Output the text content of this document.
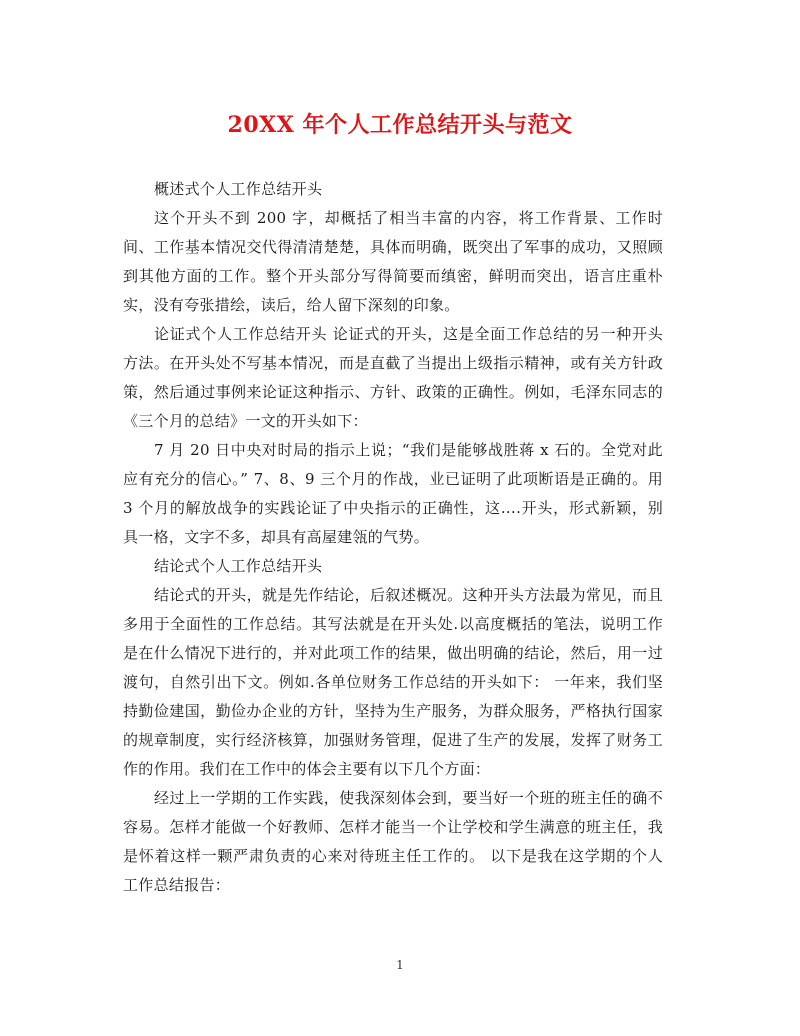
20XX 年个人工作总结开头与范文

概述式个人工作总结开头

这个开头不到 200 字，却概括了相当丰富的内容，将工作背景、工作时间、工作基本情况交代得清清楚楚，具体而明确，既突出了军事的成功，又照顾到其他方面的工作。整个开头部分写得简要而缜密，鲜明而突出，语言庄重朴实，没有夸张措绘，读后，给人留下深刻的印象。

论证式个人工作总结开头 论证式的开头，这是全面工作总结的另一种开头方法。在开头处不写基本情况，而是直截了当提出上级指示精神，或有关方针政策，然后通过事例来论证这种指示、方针、政策的正确性。例如，毛泽东同志的《三个月的总结》一文的开头如下：

7 月 20 日中央对时局的指示上说；“我们是能够战胜蒋 x 石的。全党对此应有充分的信心。” 7、8、9 三个月的作战，业已证明了此项断语是正确的。用 3 个月的解放战争的实践论证了中央指示的正确性，这….开头，形式新颖，别具一格，文字不多，却具有高屋建瓴的气势。

结论式个人工作总结开头

结论式的开头，就是先作结论，后叙述概况。这种开头方法最为常见，而且多用于全面性的工作总结。其写法就是在开头处.以高度概括的笔法，说明工作是在什么情况下进行的，并对此项工作的结果，做出明确的结论，然后，用一过渡句，自然引出下文。例如.各单位财务工作总结的开头如下： 一年来，我们坚持勤俭建国，勤俭办企业的方针，坚持为生产服务，为群众服务，严格执行国家的规章制度，实行经济核算，加强财务管理，促进了生产的发展，发挥了财务工作的作用。我们在工作中的体会主要有以下几个方面：

经过上一学期的工作实践，使我深刻体会到，要当好一个班的班主任的确不容易。怎样才能做一个好教师、怎样才能当一个让学校和学生满意的班主任，我是怀着这样一颗严肃负责的心来对待班主任工作的。 以下是我在这学期的个人工作总结报告：

1
